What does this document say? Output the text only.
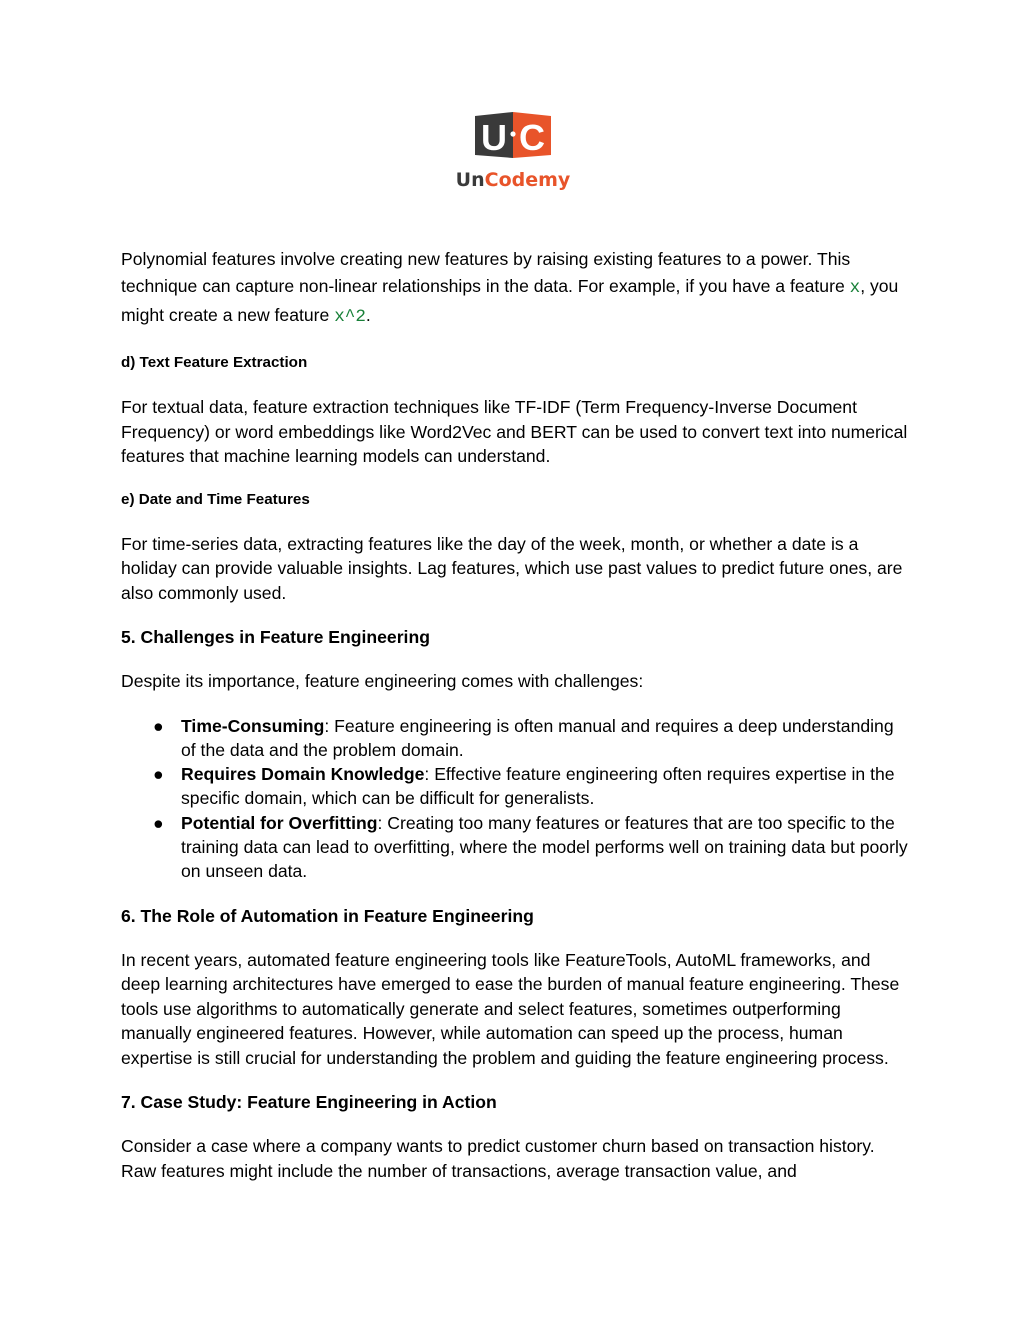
U C
UnCodemy

Polynomial features involve creating new features by raising existing features to a power. This technique can capture non-linear relationships in the data. For example, if you have a feature x, you might create a new feature x^2.

d) Text Feature Extraction

For textual data, feature extraction techniques like TF-IDF (Term Frequency-Inverse Document Frequency) or word embeddings like Word2Vec and BERT can be used to convert text into numerical features that machine learning models can understand.

e) Date and Time Features

For time-series data, extracting features like the day of the week, month, or whether a date is a holiday can provide valuable insights. Lag features, which use past values to predict future ones, are also commonly used.

5. Challenges in Feature Engineering

Despite its importance, feature engineering comes with challenges:

● Time-Consuming: Feature engineering is often manual and requires a deep understanding of the data and the problem domain.
● Requires Domain Knowledge: Effective feature engineering often requires expertise in the specific domain, which can be difficult for generalists.
● Potential for Overfitting: Creating too many features or features that are too specific to the training data can lead to overfitting, where the model performs well on training data but poorly on unseen data.
6. The Role of Automation in Feature Engineering

In recent years, automated feature engineering tools like FeatureTools, AutoML frameworks, and deep learning architectures have emerged to ease the burden of manual feature engineering. These tools use algorithms to automatically generate and select features, sometimes outperforming manually engineered features. However, while automation can speed up the process, human expertise is still crucial for understanding the problem and guiding the feature engineering process.

7. Case Study: Feature Engineering in Action

Consider a case where a company wants to predict customer churn based on transaction history. Raw features might include the number of transactions, average transaction value, and
